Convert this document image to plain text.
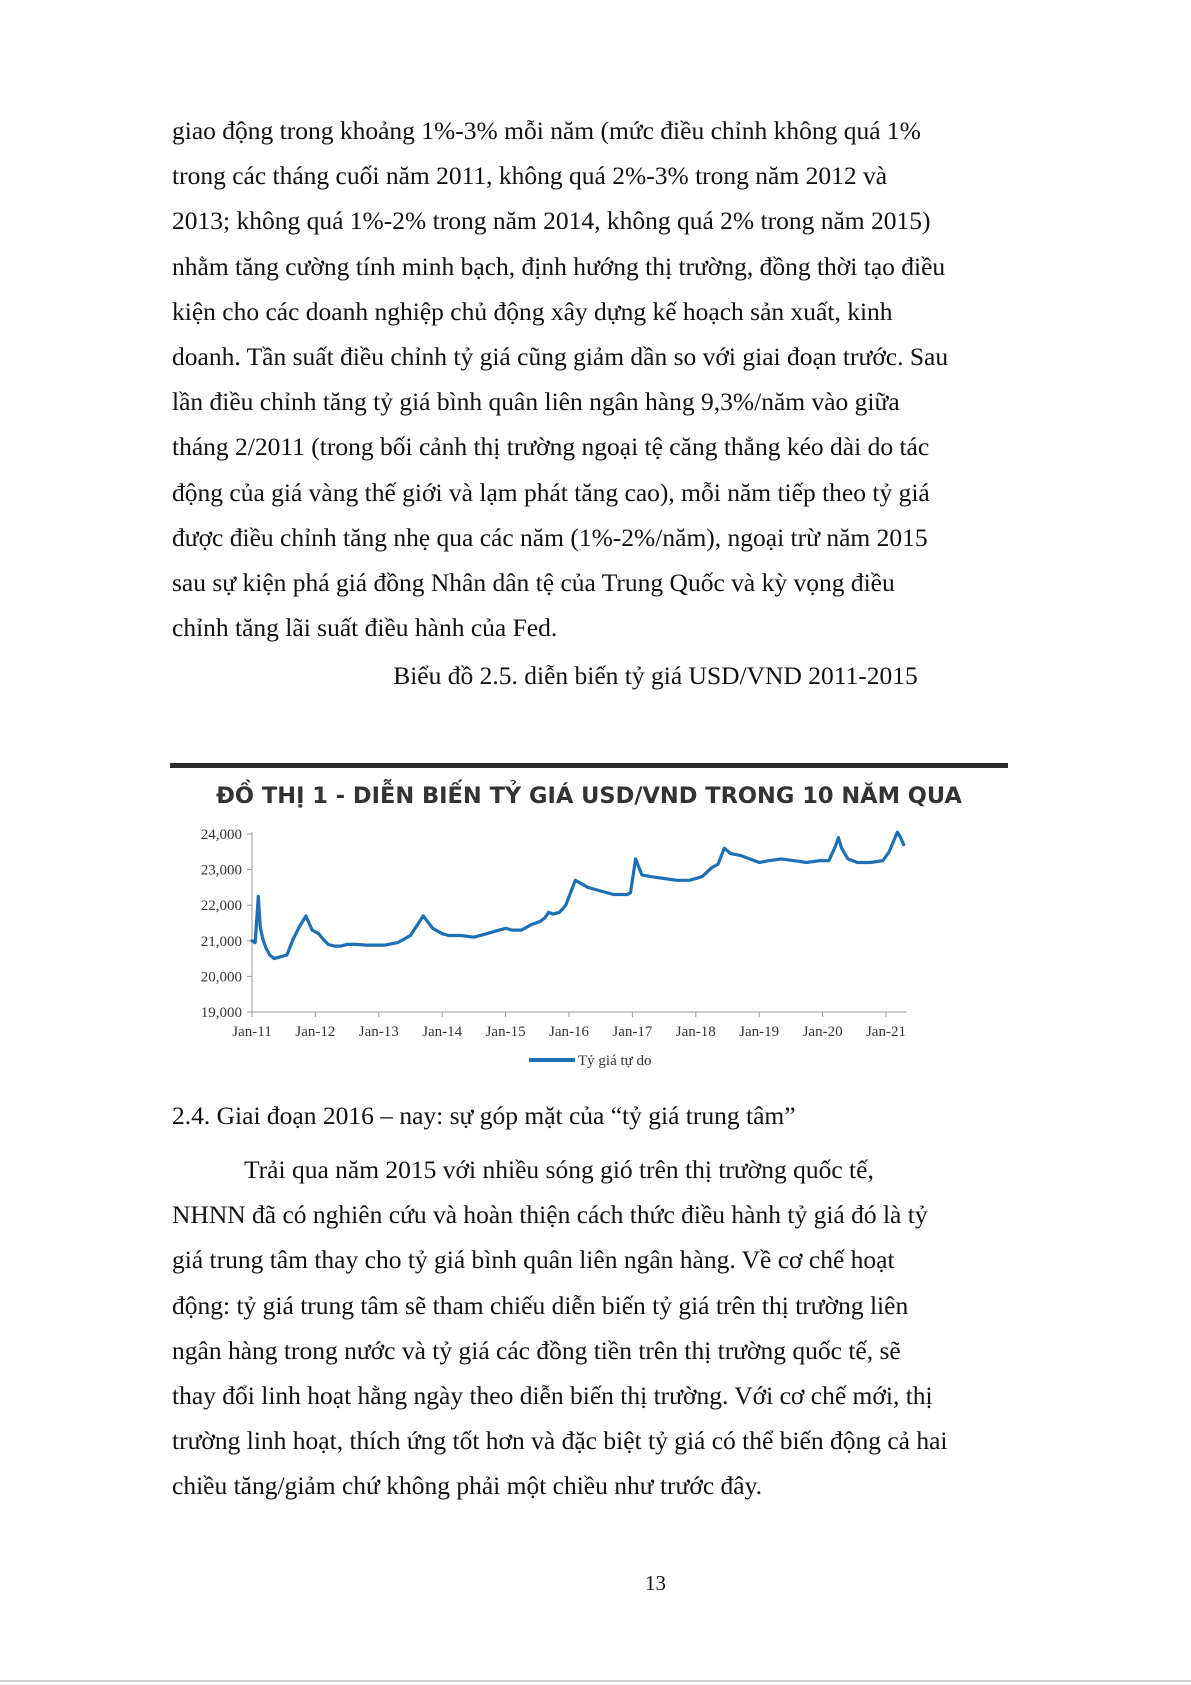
giao động trong khoảng 1%-3% mỗi năm (mức điều chỉnh không quá 1%
trong các tháng cuối năm 2011, không quá 2%-3% trong năm 2012 và
2013; không quá 1%-2% trong năm 2014, không quá 2% trong năm 2015)
nhằm tăng cường tính minh bạch, định hướng thị trường, đồng thời tạo điều
kiện cho các doanh nghiệp chủ động xây dựng kế hoạch sản xuất, kinh
doanh. Tần suất điều chỉnh tỷ giá cũng giảm dần so với giai đoạn trước. Sau
lần điều chỉnh tăng tỷ giá bình quân liên ngân hàng 9,3%/năm vào giữa
tháng 2/2011 (trong bối cảnh thị trường ngoại tệ căng thẳng kéo dài do tác
động của giá vàng thế giới và lạm phát tăng cao), mỗi năm tiếp theo tỷ giá
được điều chỉnh tăng nhẹ qua các năm (1%-2%/năm), ngoại trừ năm 2015
sau sự kiện phá giá đồng Nhân dân tệ của Trung Quốc và kỳ vọng điều
chỉnh tăng lãi suất điều hành của Fed.
Biểu đồ 2.5. diễn biến tỷ giá USD/VND 2011-2015
ĐỒ THỊ 1 - DIỄN BIẾN TỶ GIÁ USD/VND TRONG 10 NĂM QUA
24,000
23,000
22,000
21,000
20,000
19,000
Jan-11 Jan-12 Jan-13 Jan-14 Jan-15 Jan-16 Jan-17 Jan-18 Jan-19 Jan-20 Jan-21
Tỷ giá tự do
2.4. Giai đoạn 2016 – nay: sự góp mặt của “tỷ giá trung tâm”
Trải qua năm 2015 với nhiều sóng gió trên thị trường quốc tế,
NHNN đã có nghiên cứu và hoàn thiện cách thức điều hành tỷ giá đó là tỷ
giá trung tâm thay cho tỷ giá bình quân liên ngân hàng. Về cơ chế hoạt
động: tỷ giá trung tâm sẽ tham chiếu diễn biến tỷ giá trên thị trường liên
ngân hàng trong nước và tỷ giá các đồng tiền trên thị trường quốc tế, sẽ
thay đổi linh hoạt hằng ngày theo diễn biến thị trường. Với cơ chế mới, thị
trường linh hoạt, thích ứng tốt hơn và đặc biệt tỷ giá có thể biến động cả hai
chiều tăng/giảm chứ không phải một chiều như trước đây.
13
